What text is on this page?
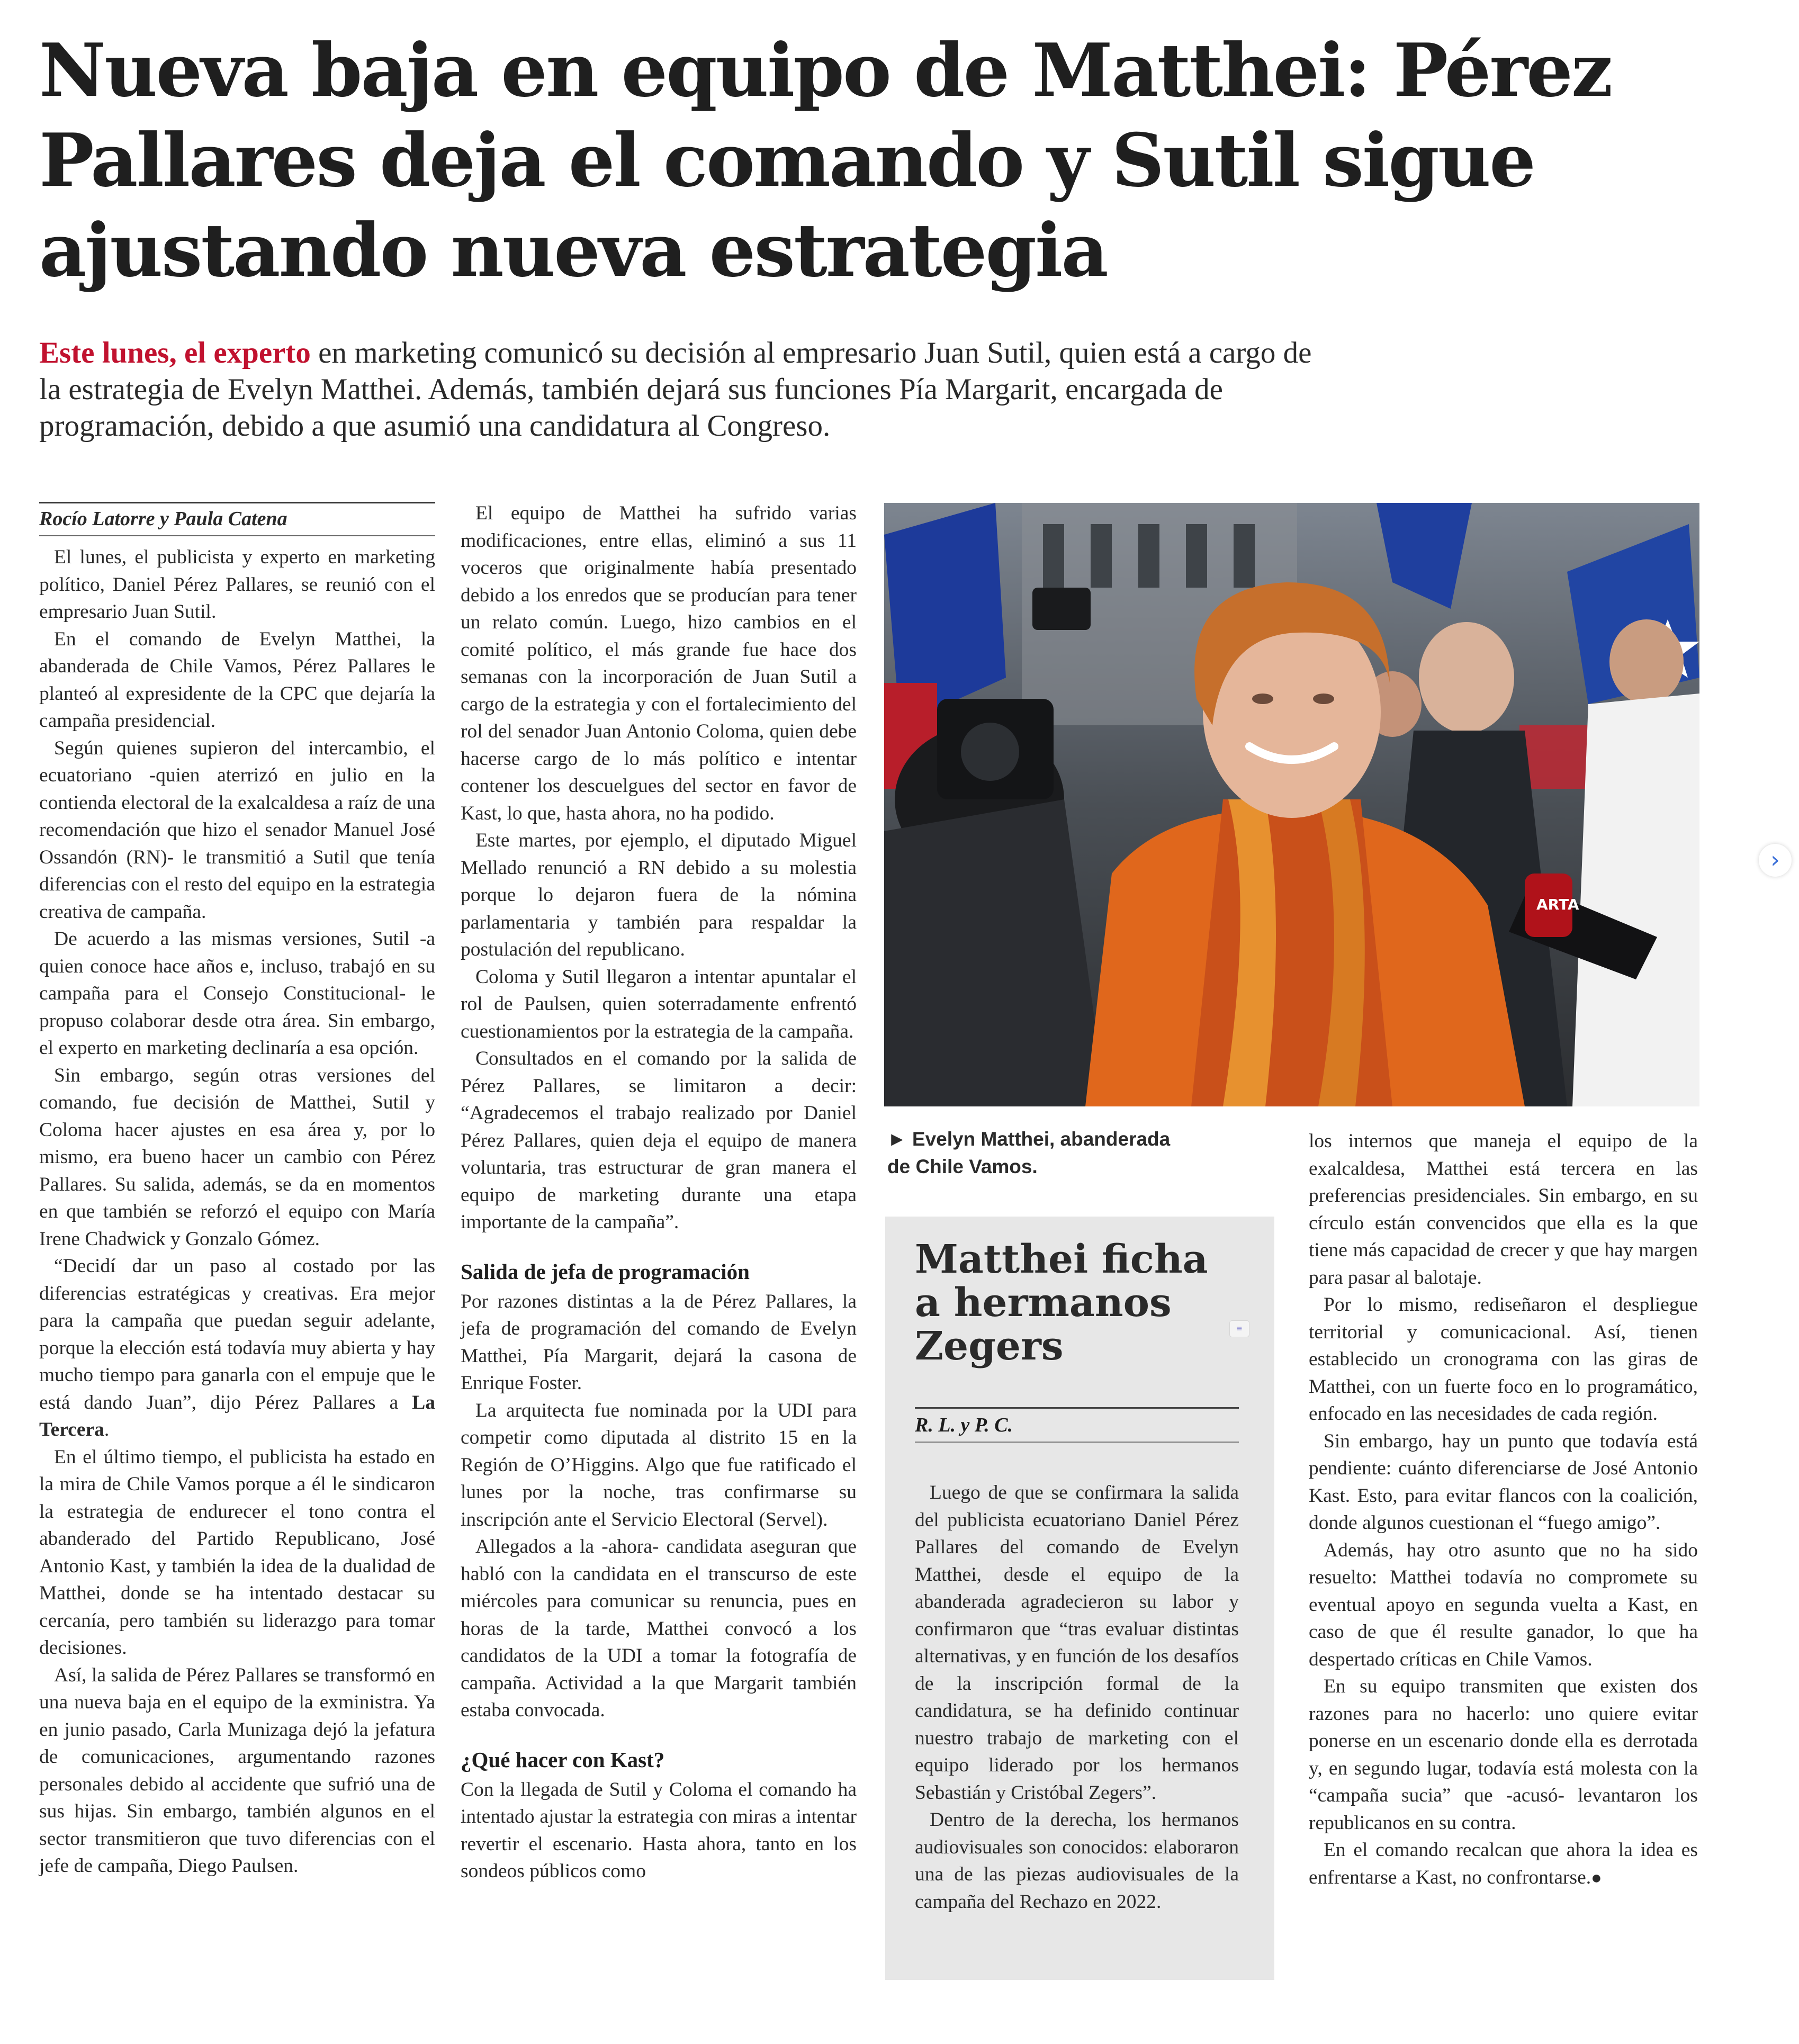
Nueva baja en equipo de Matthei: Pérez Pallares deja el comando y Sutil sigue ajustando nueva estrategia

Este lunes, el experto en marketing comunicó su decisión al empresario Juan Sutil, quien está a cargo de la estrategia de Evelyn Matthei. Además, también dejará sus funciones Pía Margarit, encargada de programación, debido a que asumió una candidatura al Congreso.

Rocío Latorre y Paula Catena

El lunes, el publicista y experto en marketing político, Daniel Pérez Pallares, se reunió con el empresario Juan Sutil.

En el comando de Evelyn Matthei, la abanderada de Chile Vamos, Pérez Pallares le planteó al expresidente de la CPC que dejaría la campaña presidencial.

Según quienes supieron del intercambio, el ecuatoriano -quien aterrizó en julio en la contienda electoral de la exalcaldesa a raíz de una recomendación que hizo el senador Manuel José Ossandón (RN)- le transmitió a Sutil que tenía diferencias con el resto del equipo en la estrategia creativa de campaña.

De acuerdo a las mismas versiones, Sutil -a quien conoce hace años e, incluso, trabajó en su campaña para el Consejo Constitucional- le propuso colaborar desde otra área. Sin embargo, el experto en marketing declinaría a esa opción.

Sin embargo, según otras versiones del comando, fue decisión de Matthei, Sutil y Coloma hacer ajustes en esa área y, por lo mismo, era bueno hacer un cambio con Pérez Pallares. Su salida, además, se da en momentos en que también se reforzó el equipo con María Irene Chadwick y Gonzalo Gómez.

“Decidí dar un paso al costado por las diferencias estratégicas y creativas. Era mejor para la campaña que puedan seguir adelante, porque la elección está todavía muy abierta y hay mucho tiempo para ganarla con el empuje que le está dando Juan”, dijo Pérez Pallares a La Tercera.

En el último tiempo, el publicista ha estado en la mira de Chile Vamos porque a él le sindicaron la estrategia de endurecer el tono contra el abanderado del Partido Republicano, José Antonio Kast, y también la idea de la dualidad de Matthei, donde se ha intentado destacar su cercanía, pero también su liderazgo para tomar decisiones.

Así, la salida de Pérez Pallares se transformó en una nueva baja en el equipo de la exministra. Ya en junio pasado, Carla Munizaga dejó la jefatura de comunicaciones, argumentando razones personales debido al accidente que sufrió una de sus hijas. Sin embargo, también algunos en el sector transmitieron que tuvo diferencias con el jefe de campaña, Diego Paulsen.

El equipo de Matthei ha sufrido varias modificaciones, entre ellas, eliminó a sus 11 voceros que originalmente había presentado debido a los enredos que se producían para tener un relato común. Luego, hizo cambios en el comité político, el más grande fue hace dos semanas con la incorporación de Juan Sutil a cargo de la estrategia y con el fortalecimiento del rol del senador Juan Antonio Coloma, quien debe hacerse cargo de lo más político e intentar contener los descuelgues del sector en favor de Kast, lo que, hasta ahora, no ha podido.

Este martes, por ejemplo, el diputado Miguel Mellado renunció a RN debido a su molestia porque lo dejaron fuera de la nómina parlamentaria y también para respaldar la postulación del republicano.

Coloma y Sutil llegaron a intentar apuntalar el rol de Paulsen, quien soterradamente enfrentó cuestionamientos por la estrategia de la campaña.

Consultados en el comando por la salida de Pérez Pallares, se limitaron a decir: “Agradecemos el trabajo realizado por Daniel Pérez Pallares, quien deja el equipo de manera voluntaria, tras estructurar de gran manera el equipo de marketing durante una etapa importante de la campaña”.

Salida de jefa de programación

Por razones distintas a la de Pérez Pallares, la jefa de programación del comando de Evelyn Matthei, Pía Margarit, dejará la casona de Enrique Foster.

La arquitecta fue nominada por la UDI para competir como diputada al distrito 15 en la Región de O’Higgins. Algo que fue ratificado el lunes por la noche, tras confirmarse su inscripción ante el Servicio Electoral (Servel).

Allegados a la -ahora- candidata aseguran que habló con la candidata en el transcurso de este miércoles para comunicar su renuncia, pues en horas de la tarde, Matthei convocó a los candidatos de la UDI a tomar la fotografía de campaña. Actividad a la que Margarit también estaba convocada.

¿Qué hacer con Kast?

Con la llegada de Sutil y Coloma el comando ha intentado ajustar la estrategia con miras a intentar revertir el escenario. Hasta ahora, tanto en los sondeos públicos como

ARTA
► Evelyn Matthei, abanderada de Chile Vamos.
Matthei ficha a hermanos Zegers	≡
R. L. y P. C.

Luego de que se confirmara la salida del publicista ecuatoriano Daniel Pérez Pallares del comando de Evelyn Matthei, desde el equipo de la abanderada agradecieron su labor y confirmaron que “tras evaluar distintas alternativas, y en función de los desafíos de la inscripción formal de la candidatura, se ha definido continuar nuestro trabajo de marketing con el equipo liderado por los hermanos Sebastián y Cristóbal Zegers”.

Dentro de la derecha, los hermanos audiovisuales son conocidos: elaboraron una de las piezas audiovisuales de la campaña del Rechazo en 2022.

los internos que maneja el equipo de la exalcaldesa, Matthei está tercera en las preferencias presidenciales. Sin embargo, en su círculo están convencidos que ella es la que tiene más capacidad de crecer y que hay margen para pasar al balotaje.

Por lo mismo, rediseñaron el despliegue territorial y comunicacional. Así, tienen establecido un cronograma con las giras de Matthei, con un fuerte foco en lo programático, enfocado en las necesidades de cada región.

Sin embargo, hay un punto que todavía está pendiente: cuánto diferenciarse de José Antonio Kast. Esto, para evitar flancos con la coalición, donde algunos cuestionan el “fuego amigo”.

Además, hay otro asunto que no ha sido resuelto: Matthei todavía no compromete su eventual apoyo en segunda vuelta a Kast, en caso de que él resulte ganador, lo que ha despertado críticas en Chile Vamos.

En su equipo transmiten que existen dos razones para no hacerlo: uno quiere evitar ponerse en un escenario donde ella es derrotada y, en segundo lugar, todavía está molesta con la “campaña sucia” que -acusó- levantaron los republicanos en su contra.

En el comando recalcan que ahora la idea es enfrentarse a Kast, no confrontarse.●

›
